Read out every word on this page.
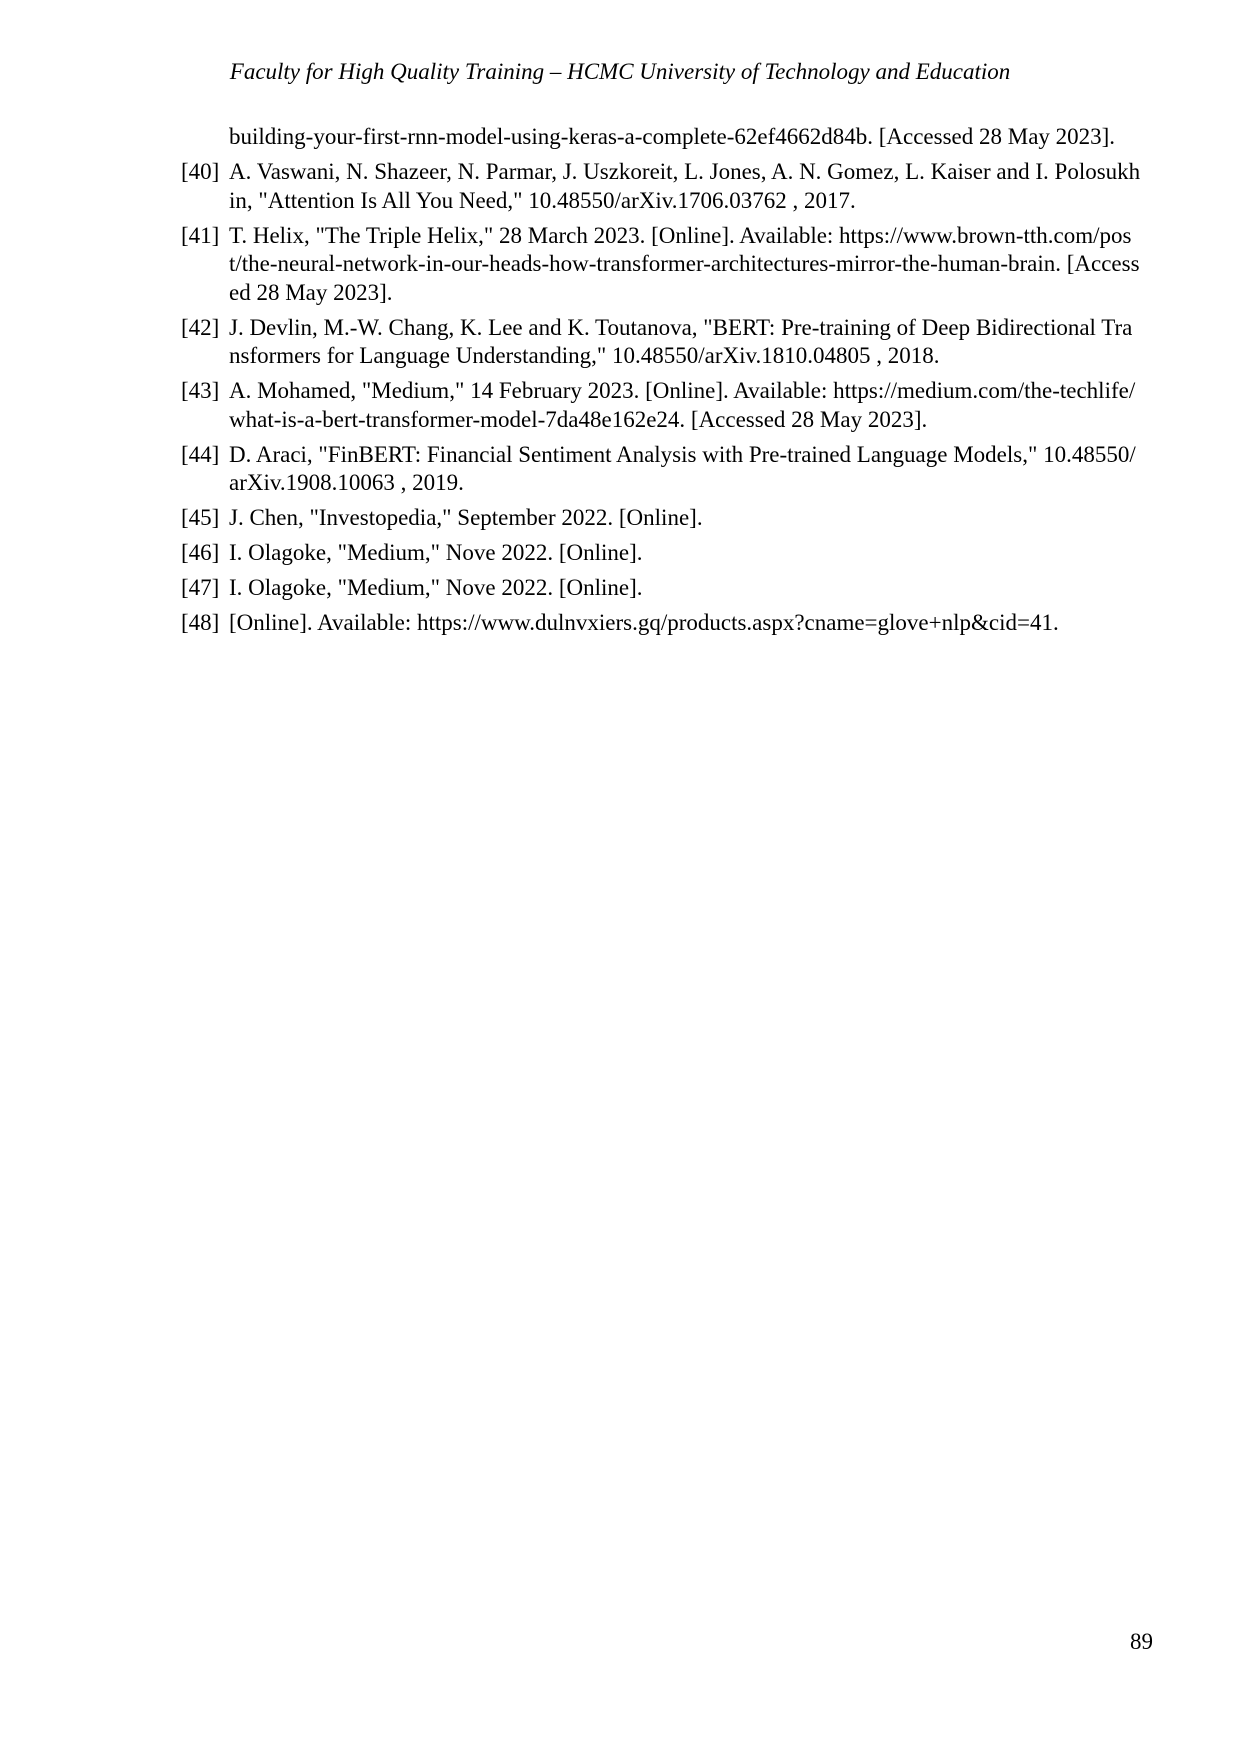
Faculty for High Quality Training – HCMC University of Technology and Education
building-your-first-rnn-model-using-keras-a-complete-62ef4662d84b. [Accessed 28 May 2023].
[40] A. Vaswani, N. Shazeer, N. Parmar, J. Uszkoreit, L. Jones, A. N. Gomez, L. Kaiser and I. Polosukhin, "Attention Is All You Need," 10.48550/arXiv.1706.03762 , 2017.
[41] T. Helix, "The Triple Helix," 28 March 2023. [Online]. Available: https://www.brown-tth.com/post/the-neural-network-in-our-heads-how-transformer-architectures-mirror-the-human-brain. [Accessed 28 May 2023].
[42] J. Devlin, M.-W. Chang, K. Lee and K. Toutanova, "BERT: Pre-training of Deep Bidirectional Transformers for Language Understanding," 10.48550/arXiv.1810.04805 , 2018.
[43] A. Mohamed, "Medium," 14 February 2023. [Online]. Available: https://medium.com/the-techlife/what-is-a-bert-transformer-model-7da48e162e24. [Accessed 28 May 2023].
[44] D. Araci, "FinBERT: Financial Sentiment Analysis with Pre-trained Language Models," 10.48550/arXiv.1908.10063 , 2019.
[45] J. Chen, "Investopedia," September 2022. [Online].
[46] I. Olagoke, "Medium," Nove 2022. [Online].
[47] I. Olagoke, "Medium," Nove 2022. [Online].
[48] [Online]. Available: https://www.dulnvxiers.gq/products.aspx?cname=glove+nlp&cid=41.
89
